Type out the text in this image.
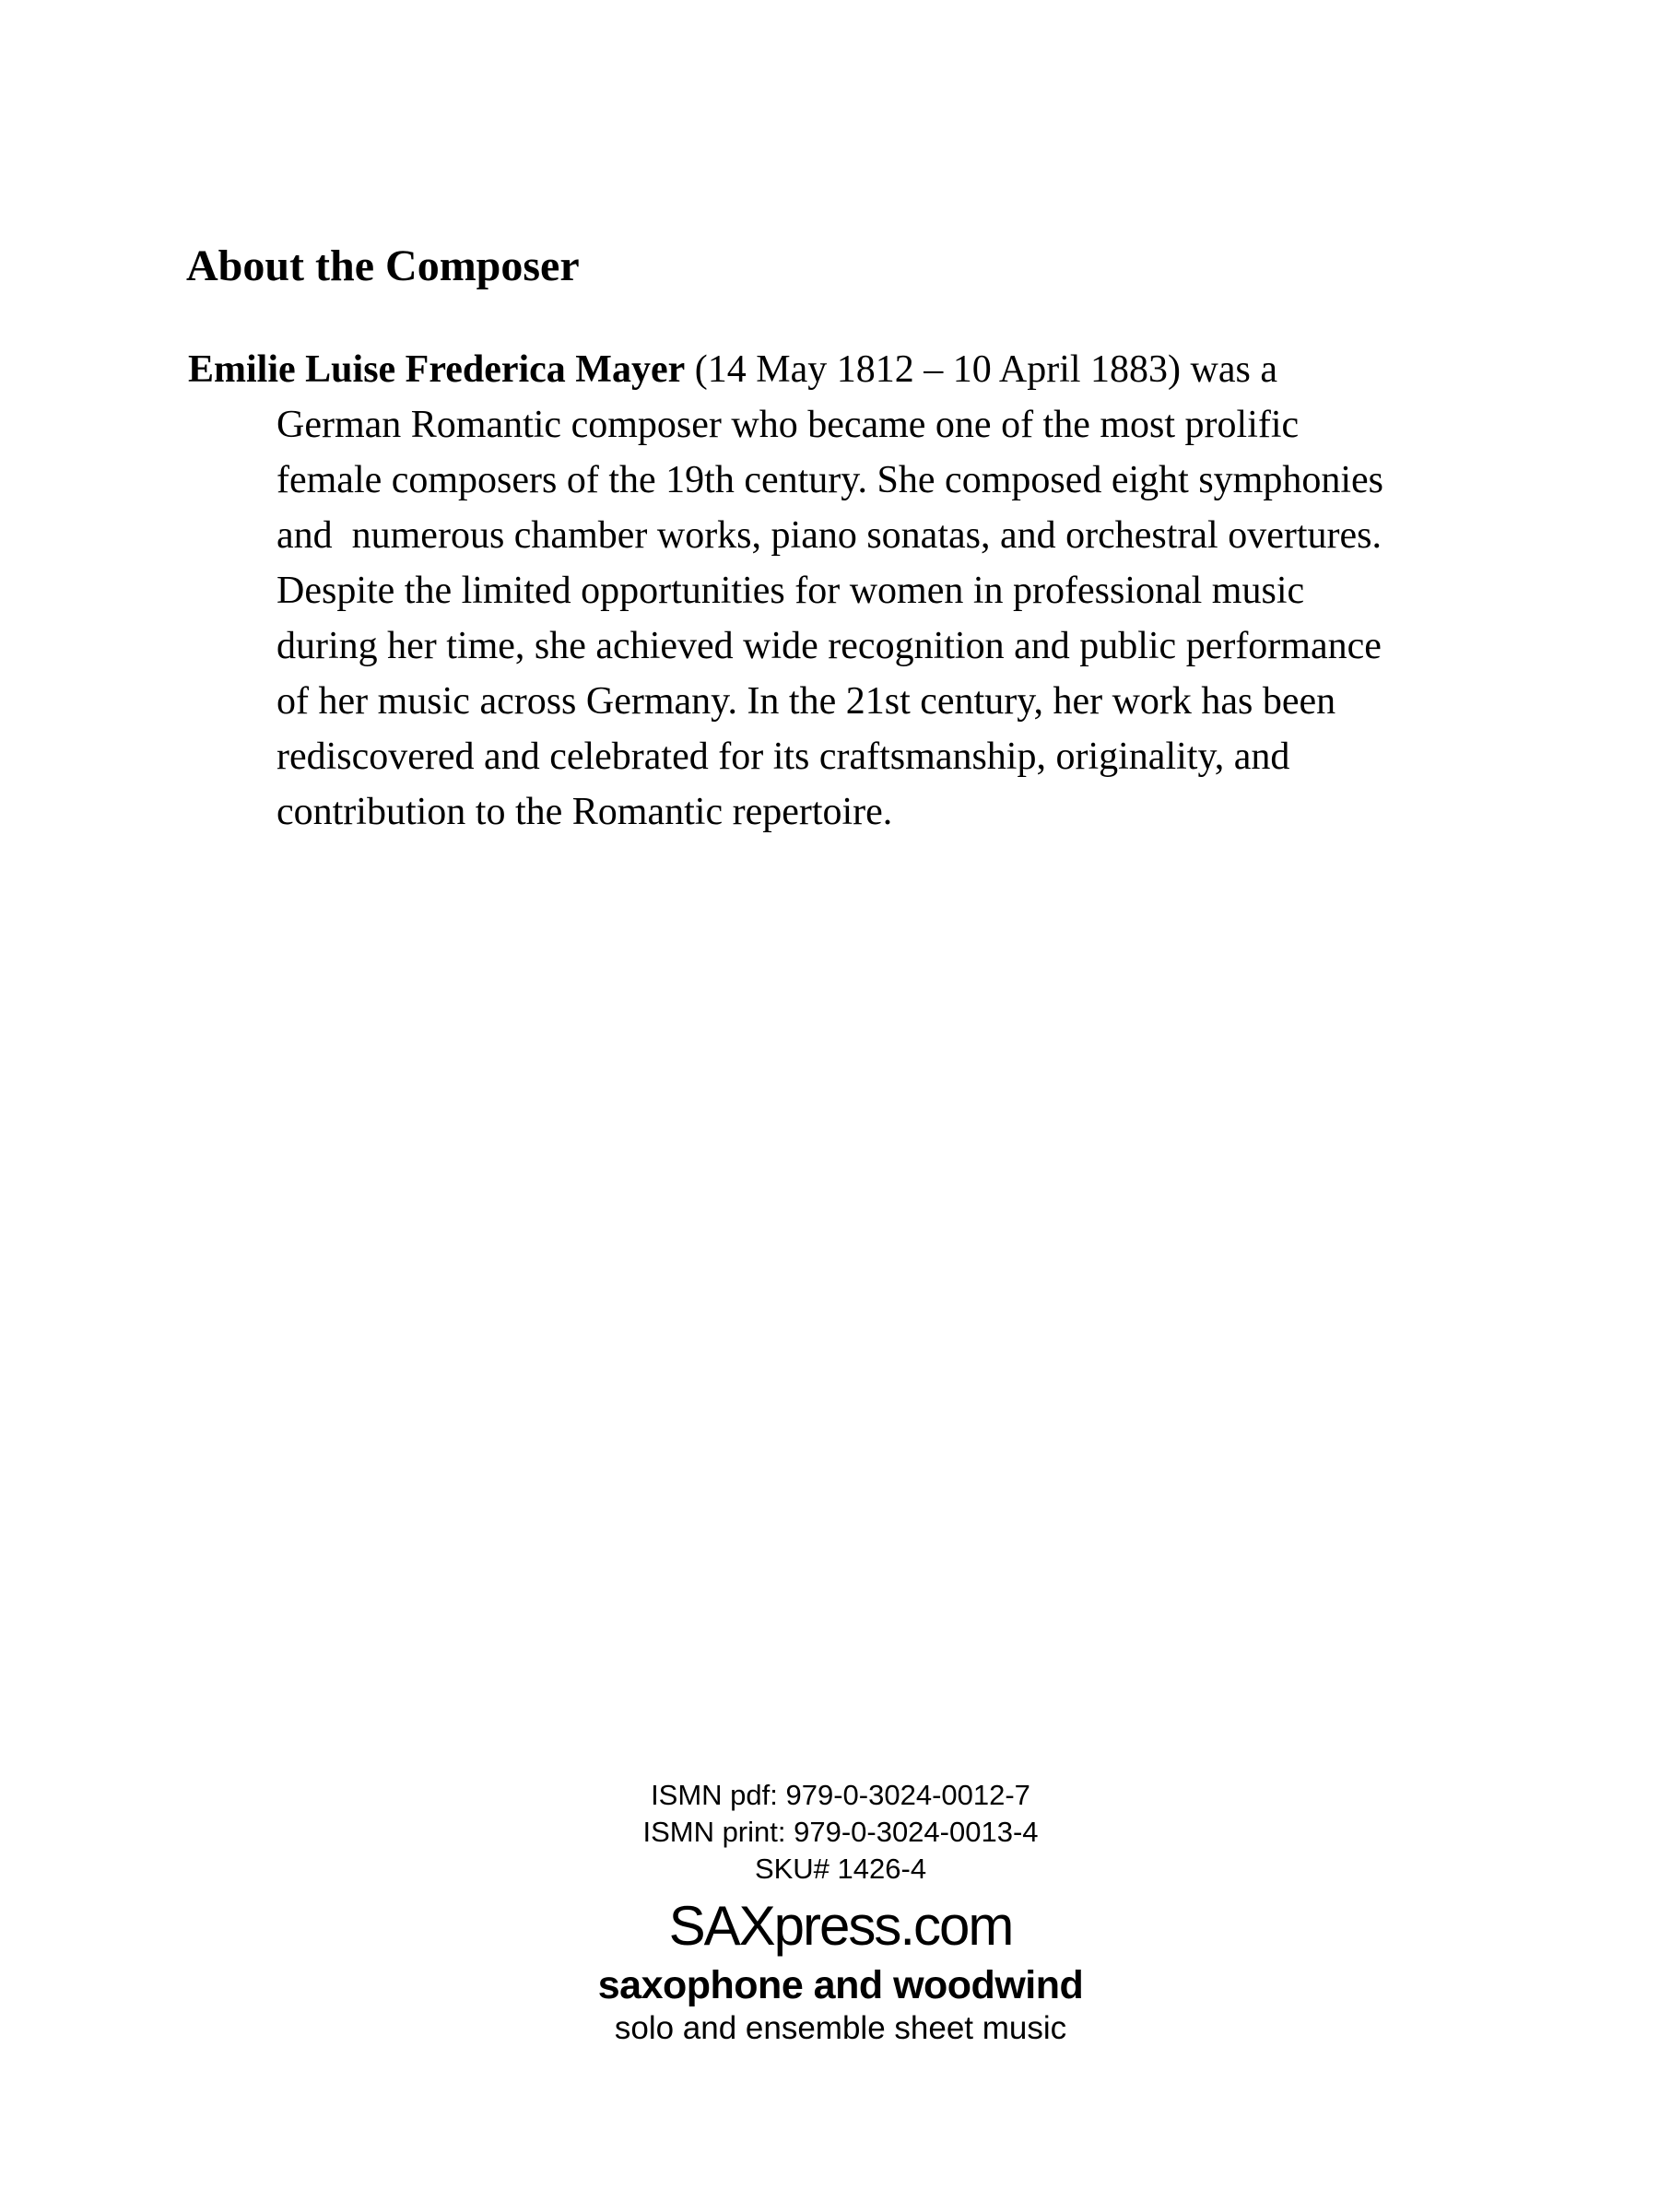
About the Composer
Emilie Luise Frederica Mayer (14 May 1812 – 10 April 1883) was a
German Romantic composer who became one of the most prolific
female composers of the 19th century. She composed eight symphonies
and  numerous chamber works, piano sonatas, and orchestral overtures.
Despite the limited opportunities for women in professional music
during her time, she achieved wide recognition and public performance
of her music across Germany. In the 21st century, her work has been
rediscovered and celebrated for its craftsmanship, originality, and
contribution to the Romantic repertoire.
ISMN pdf: 979-0-3024-0012-7
ISMN print: 979-0-3024-0013-4
SKU# 1426-4
SAXpress.com
saxophone and woodwind
solo and ensemble sheet music
